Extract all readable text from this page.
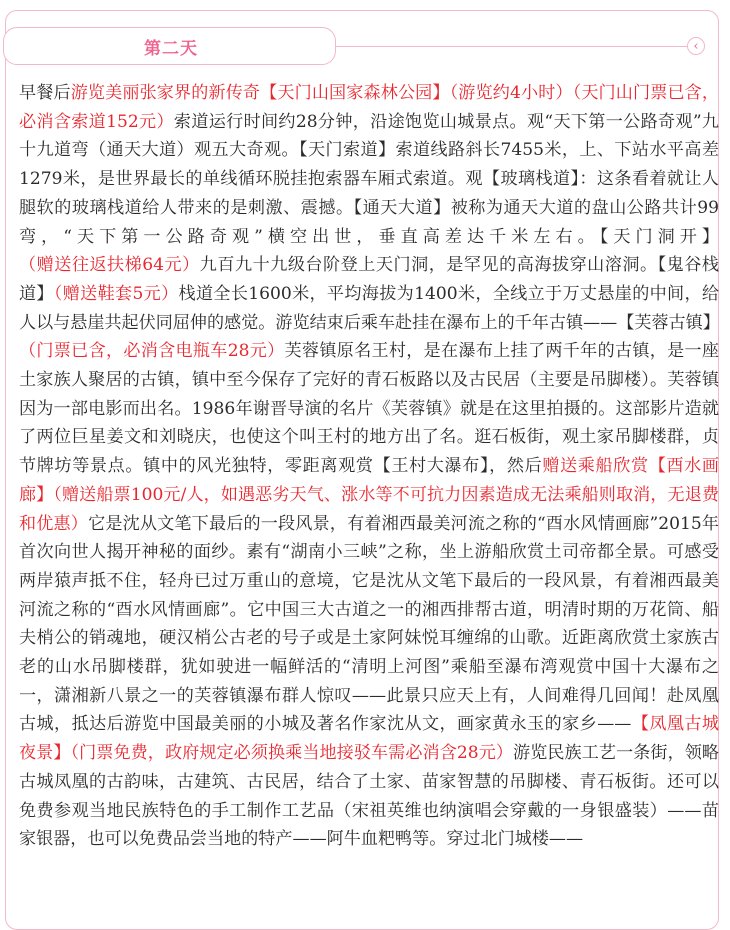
第二天	‹
早餐后游览美丽张家界的新传奇【天门山国家森林公园】（游览约4小时）（天门山门票已含，必消含索道152元）索道运行时间约28分钟，沿途饱览山城景点。观“天下第一公路奇观”九十九道弯（通天大道）观五大奇观。【天门索道】索道线路斜长7455米，上、下站水平高差1279米，是世界最长的单线循环脱挂抱索器车厢式索道。观【玻璃栈道】：这条看着就让人腿软的玻璃栈道给人带来的是刺激、震撼。【通天大道】被称为通天大道的盘山公路共计99弯，“天下第一公路奇观”横空出世，垂直高差达千米左右。【天门洞开】（赠送往返扶梯64元）九百九十九级台阶登上天门洞，是罕见的高海拔穿山溶洞。【鬼谷栈道】（赠送鞋套5元）栈道全长1600米，平均海拔为1400米，全线立于万丈悬崖的中间，给人以与悬崖共起伏同屈伸的感觉。游览结束后乘车赴挂在瀑布上的千年古镇——【芙蓉古镇】（门票已含，必消含电瓶车28元）芙蓉镇原名王村，是在瀑布上挂了两千年的古镇，是一座土家族人聚居的古镇，镇中至今保存了完好的青石板路以及古民居（主要是吊脚楼）。芙蓉镇因为一部电影而出名。1986年谢晋导演的名片《芙蓉镇》就是在这里拍摄的。这部影片造就了两位巨星姜文和刘晓庆，也使这个叫王村的地方出了名。逛石板街，观土家吊脚楼群，贞节牌坊等景点。镇中的风光独特，零距离观赏【王村大瀑布】，然后赠送乘船欣赏【酉水画廊】（赠送船票100元/人，如遇恶劣天气、涨水等不可抗力因素造成无法乘船则取消，无退费和优惠）它是沈从文笔下最后的一段风景，有着湘西最美河流之称的“酉水风情画廊”2015年首次向世人揭开神秘的面纱。素有“湖南小三峡”之称，坐上游船欣赏土司帝都全景。可感受两岸猿声抵不住，轻舟已过万重山的意境，它是沈从文笔下最后的一段风景，有着湘西最美河流之称的“酉水风情画廊”。它中国三大古道之一的湘西排帮古道，明清时期的万花筒、船夫梢公的销魂地，硬汉梢公古老的号子或是土家阿妹悦耳缠绵的山歌。近距离欣赏土家族古老的山水吊脚楼群，犹如驶进一幅鲜活的“清明上河图”乘船至瀑布湾观赏中国十大瀑布之一，潇湘新八景之一的芙蓉镇瀑布群人惊叹——此景只应天上有，人间难得几回闻！赴凤凰古城，抵达后游览中国最美丽的小城及著名作家沈从文，画家黄永玉的家乡——【凤凰古城夜景】（门票免费，政府规定必须换乘当地接驳车需必消含28元）游览民族工艺一条街，领略古城凤凰的古韵味，古建筑、古民居，结合了土家、苗家智慧的吊脚楼、青石板街。还可以免费参观当地民族特色的手工制作工艺品（宋祖英维也纳演唱会穿戴的一身银盛装）——苗家银器，也可以免费品尝当地的特产——阿牛血粑鸭等。穿过北门城楼——
